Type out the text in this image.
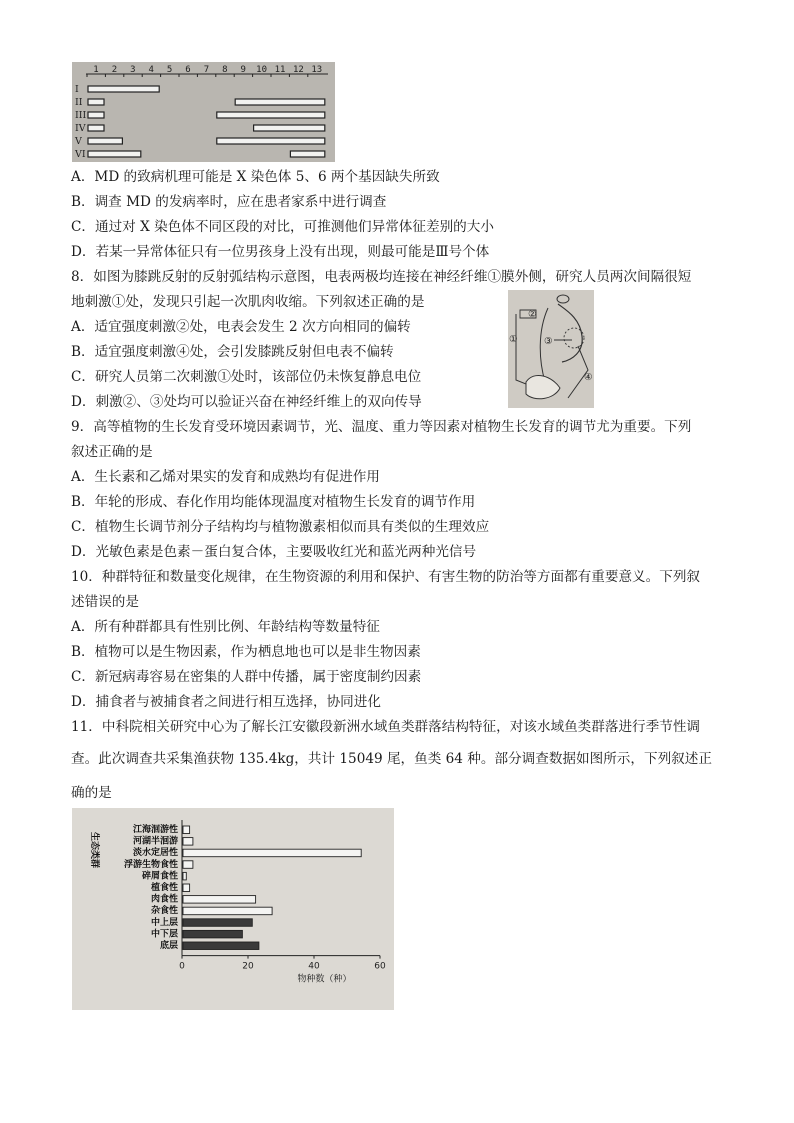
1 2 3 4 5 6 7 8 9 10 11 12 13
I
II
III
IV
V
VI
A．MD 的致病机理可能是 X 染色体 5、6 两个基因缺失所致
B．调查 MD 的发病率时，应在患者家系中进行调查
C．通过对 X 染色体不同区段的对比，可推测他们异常体征差别的大小
D．若某一异常体征只有一位男孩身上没有出现，则最可能是Ⅲ号个体
8．如图为膝跳反射的反射弧结构示意图，电表两极均连接在神经纤维①膜外侧，研究人员两次间隔很短
地刺激①处，发现只引起一次肌肉收缩。下列叙述正确的是
A．适宜强度刺激②处，电表会发生 2 次方向相同的偏转
B．适宜强度刺激④处，会引发膝跳反射但电表不偏转
C．研究人员第二次刺激①处时，该部位仍未恢复静息电位
D．刺激②、③处均可以验证兴奋在神经纤维上的双向传导
①
②
③
④
9．高等植物的生长发育受环境因素调节，光、温度、重力等因素对植物生长发育的调节尤为重要。下列
叙述正确的是
A．生长素和乙烯对果实的发育和成熟均有促进作用
B．年轮的形成、春化作用均能体现温度对植物生长发育的调节作用
C．植物生长调节剂分子结构均与植物激素相似而具有类似的生理效应
D．光敏色素是色素－蛋白复合体，主要吸收红光和蓝光两种光信号
10．种群特征和数量变化规律，在生物资源的利用和保护、有害生物的防治等方面都有重要意义。下列叙
述错误的是
A．所有种群都具有性别比例、年龄结构等数量特征
B．植物可以是生物因素，作为栖息地也可以是非生物因素
C．新冠病毒容易在密集的人群中传播，属于密度制约因素
D．捕食者与被捕食者之间进行相互选择，协同进化
11．中科院相关研究中心为了解长江安徽段新洲水域鱼类群落结构特征，对该水域鱼类群落进行季节性调
查。此次调查共采集渔获物 135.4kg，共计 15049 尾，鱼类 64 种。部分调查数据如图所示，下列叙述正
确的是
江海洄游性
河湖半洄游
淡水定居性
浮游生物食性
碎屑食性
植食性
肉食性
杂食性
中上层
中下层
底层
0	20	40	60
物种数（种）
生态类群
